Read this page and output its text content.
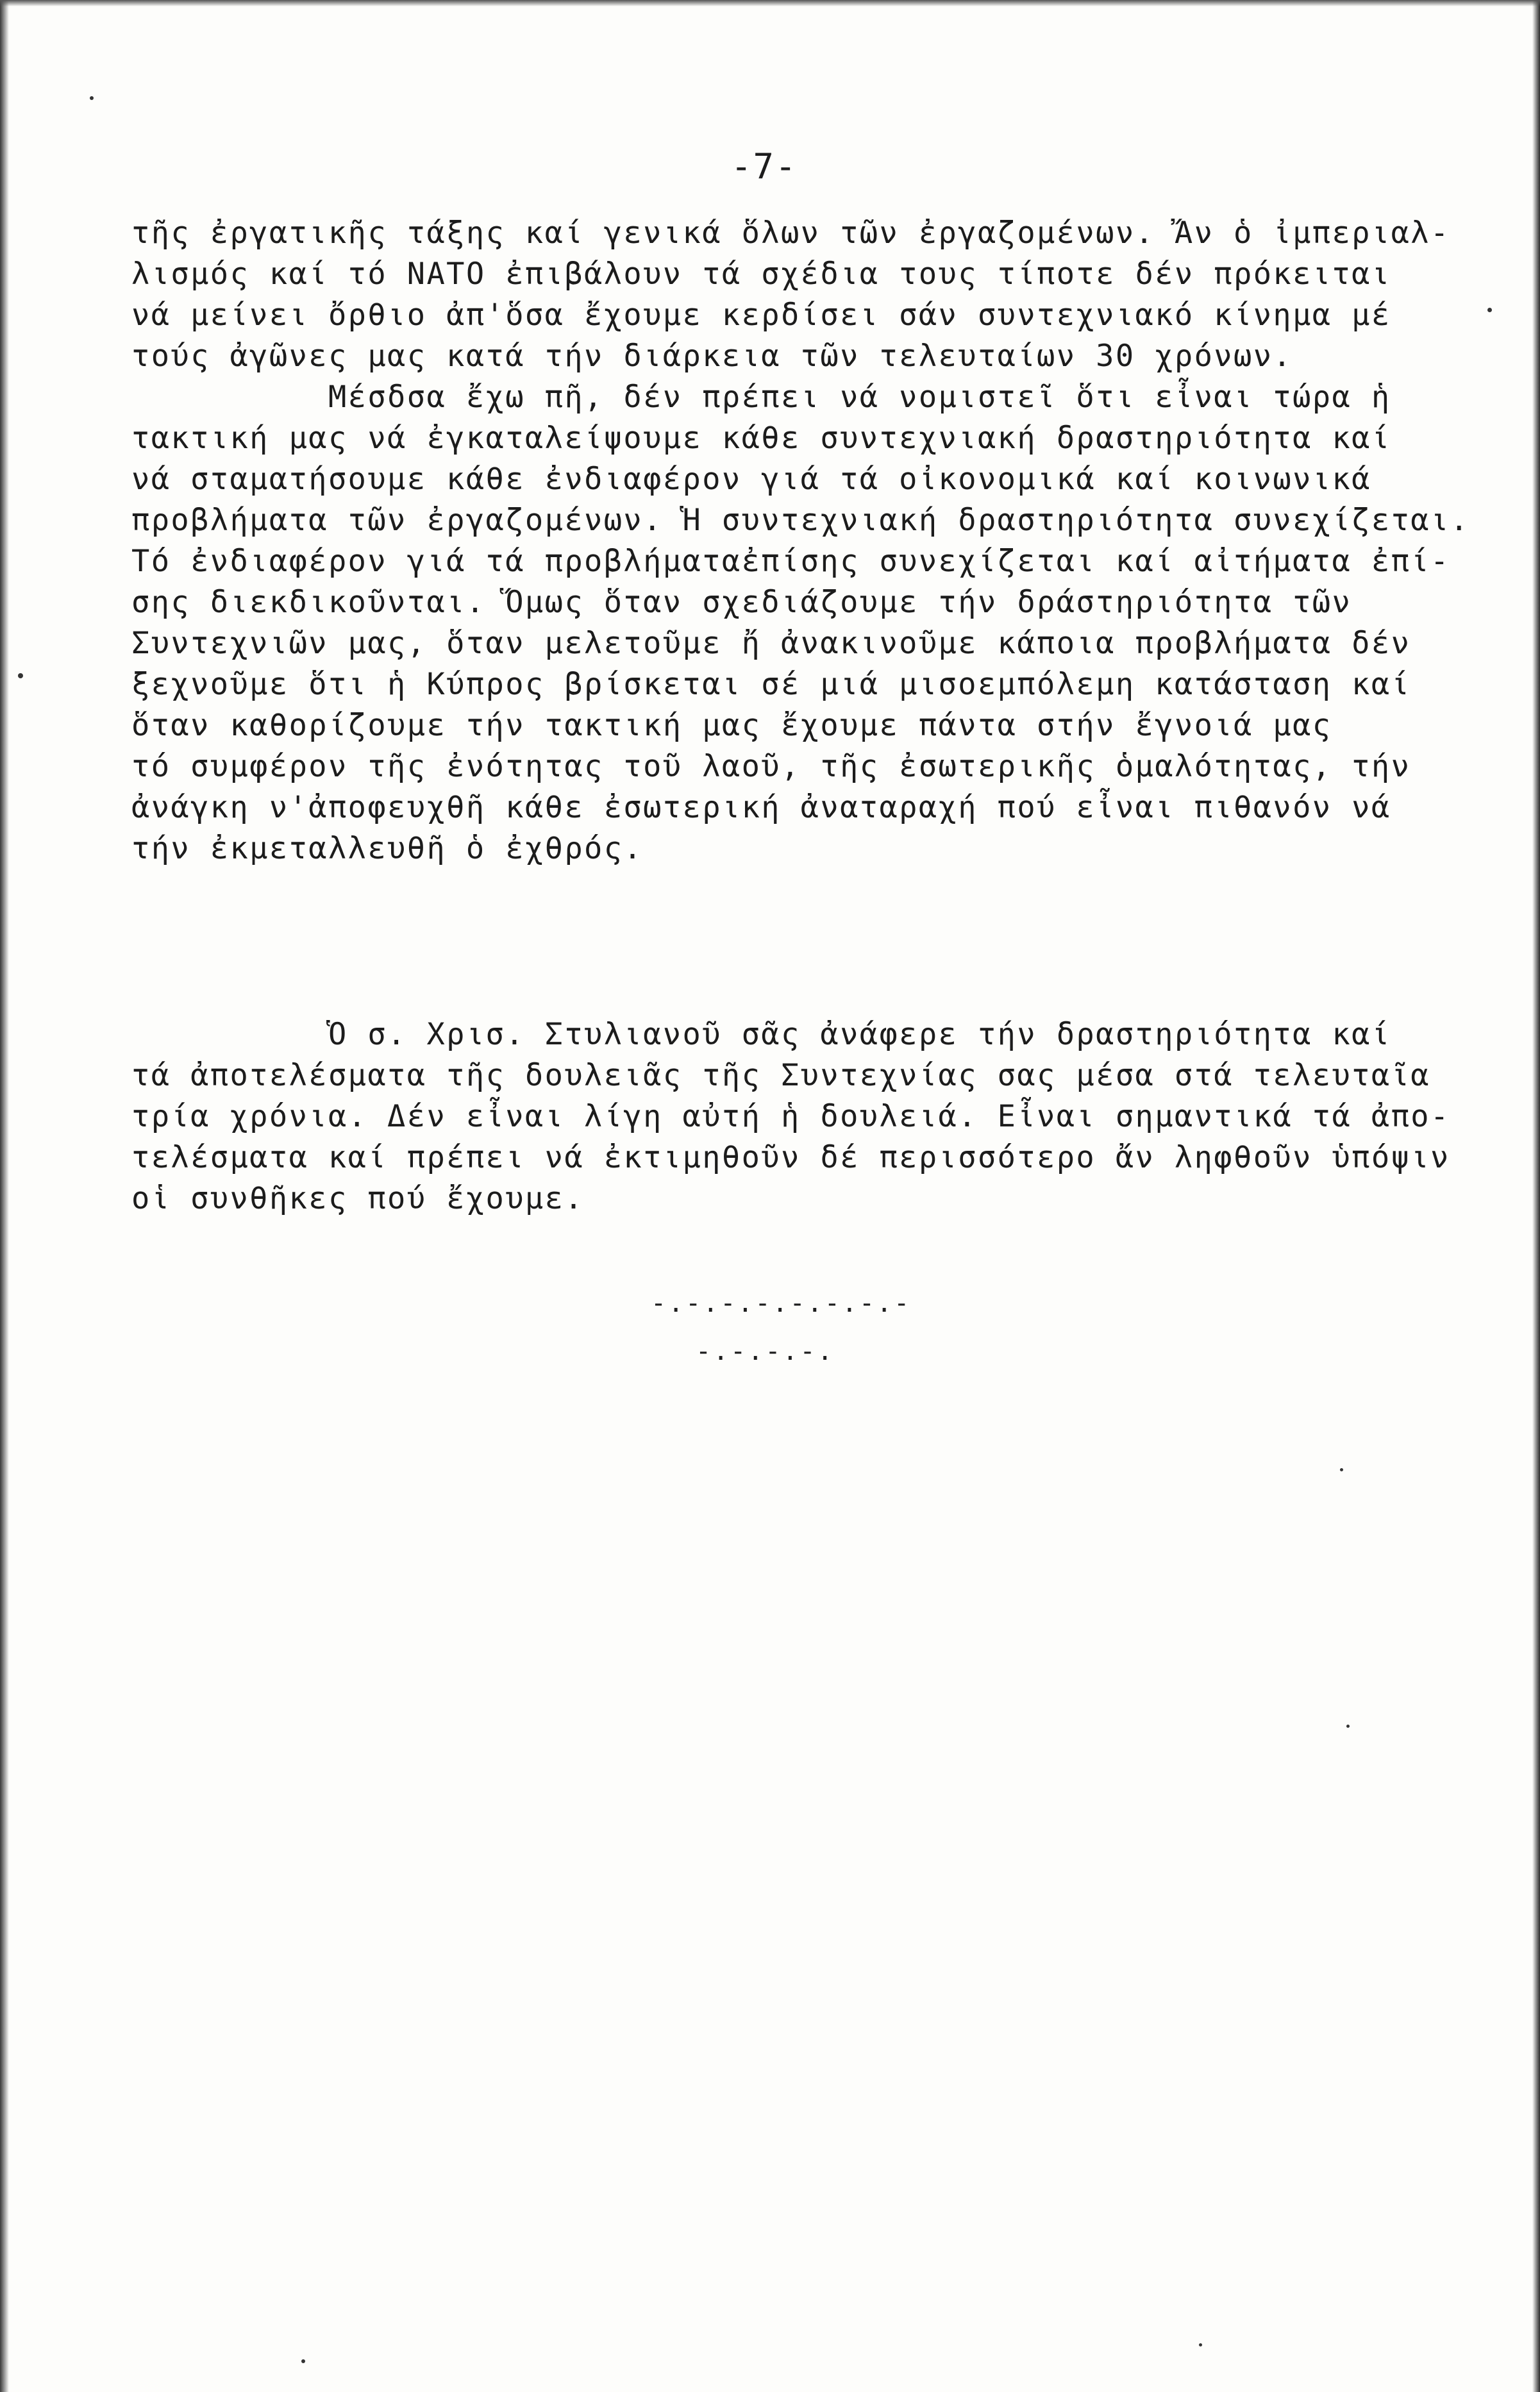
-7-
τῆς ἐργατικῆς τάξης καί γενικά ὅλων τῶν ἐργαζομένων. Ἄν ὁ ἰμπεριαλ-
λισμός καί τό ΝΑΤΟ ἐπιβάλουν τά σχέδια τους τίποτε δέν πρόκειται
νά μείνει ὄρθιο ἀπ'ὅσα ἔχουμε κερδίσει σάν συντεχνιακό κίνημα μέ
τούς ἀγῶνες μας κατά τήν διάρκεια τῶν τελευταίων 30 χρόνων.
Μέσδσα ἔχω πῆ, δέν πρέπει νά νομιστεῖ ὅτι εἶναι τώρα ἡ
τακτική μας νά ἐγκαταλείψουμε κάθε συντεχνιακή δραστηριότητα καί
νά σταματήσουμε κάθε ἐνδιαφέρον γιά τά οἰκονομικά καί κοινωνικά
προβλήματα τῶν ἐργαζομένων. Ἡ συντεχνιακή δραστηριότητα συνεχίζεται.
Τό ἐνδιαφέρον γιά τά προβλήματαἐπίσης συνεχίζεται καί αἰτήματα ἐπί-
σης διεκδικοῦνται. Ὅμως ὅταν σχεδιάζουμε τήν δράστηριότητα τῶν
Συντεχνιῶν μας, ὅταν μελετοῦμε ἤ ἀνακινοῦμε κάποια προβλήματα δέν
ξεχνοῦμε ὅτι ἡ Κύπρος βρίσκεται σέ μιά μισοεμπόλεμη κατάσταση καί
ὅταν καθορίζουμε τήν τακτική μας ἔχουμε πάντα στήν ἔγνοιά μας
τό συμφέρον τῆς ἐνότητας τοῦ λαοῦ, τῆς ἐσωτερικῆς ὁμαλότητας, τήν
ἀνάγκη ν'ἀποφευχθῆ κάθε ἐσωτερική ἀναταραχή πού εἶναι πιθανόν νά
τήν ἐκμεταλλευθῆ ὁ ἐχθρός.
Ὁ σ. Χρισ. Στυλιανοῦ σᾶς ἀνάφερε τήν δραστηριότητα καί
τά ἀποτελέσματα τῆς δουλειᾶς τῆς Συντεχνίας σας μέσα στά τελευταῖα
τρία χρόνια. Δέν εἶναι λίγη αὐτή ἡ δουλειά. Εἶναι σημαντικά τά ἀπο-
τελέσματα καί πρέπει νά ἐκτιμηθοῦν δέ περισσότερο ἄν ληφθοῦν ὑπόψιν
οἱ συνθῆκες πού ἔχουμε.
-.-.-.-.-.-.-.-
-.-.-.-.
